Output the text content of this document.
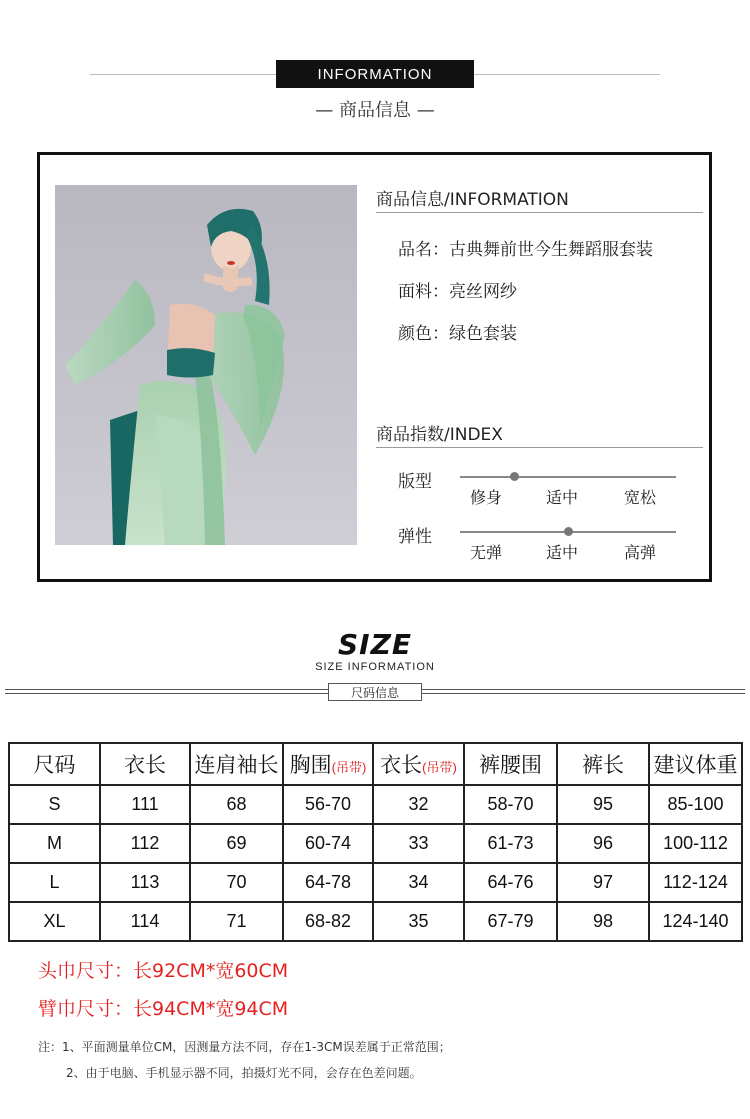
INFORMATION
— 商品信息 —
商品信息/INFORMATION
品名：古典舞前世今生舞蹈服套装
面料：亮丝网纱
颜色：绿色套装
商品指数/INDEX
版型
修身	适中	宽松
弹性
无弹	适中	高弹
SIZE
SIZE INFORMATION
尺码信息
尺码	衣长	连肩袖长	胸围(吊带)	衣长(吊带)	裤腰围	裤长	建议体重
S	111	68	56-70	32	58-70	95	85-100
M	112	69	60-74	33	61-73	96	100-112
L	113	70	64-78	34	64-76	97	112-124
XL	114	71	68-82	35	67-79	98	124-140
头巾尺寸：长92CM*宽60CM
臂巾尺寸：长94CM*宽94CM
注：1、平面测量单位CM，因测量方法不同，存在1-3CM误差属于正常范围；
2、由于电脑、手机显示器不同，拍摄灯光不同，会存在色差问题。
